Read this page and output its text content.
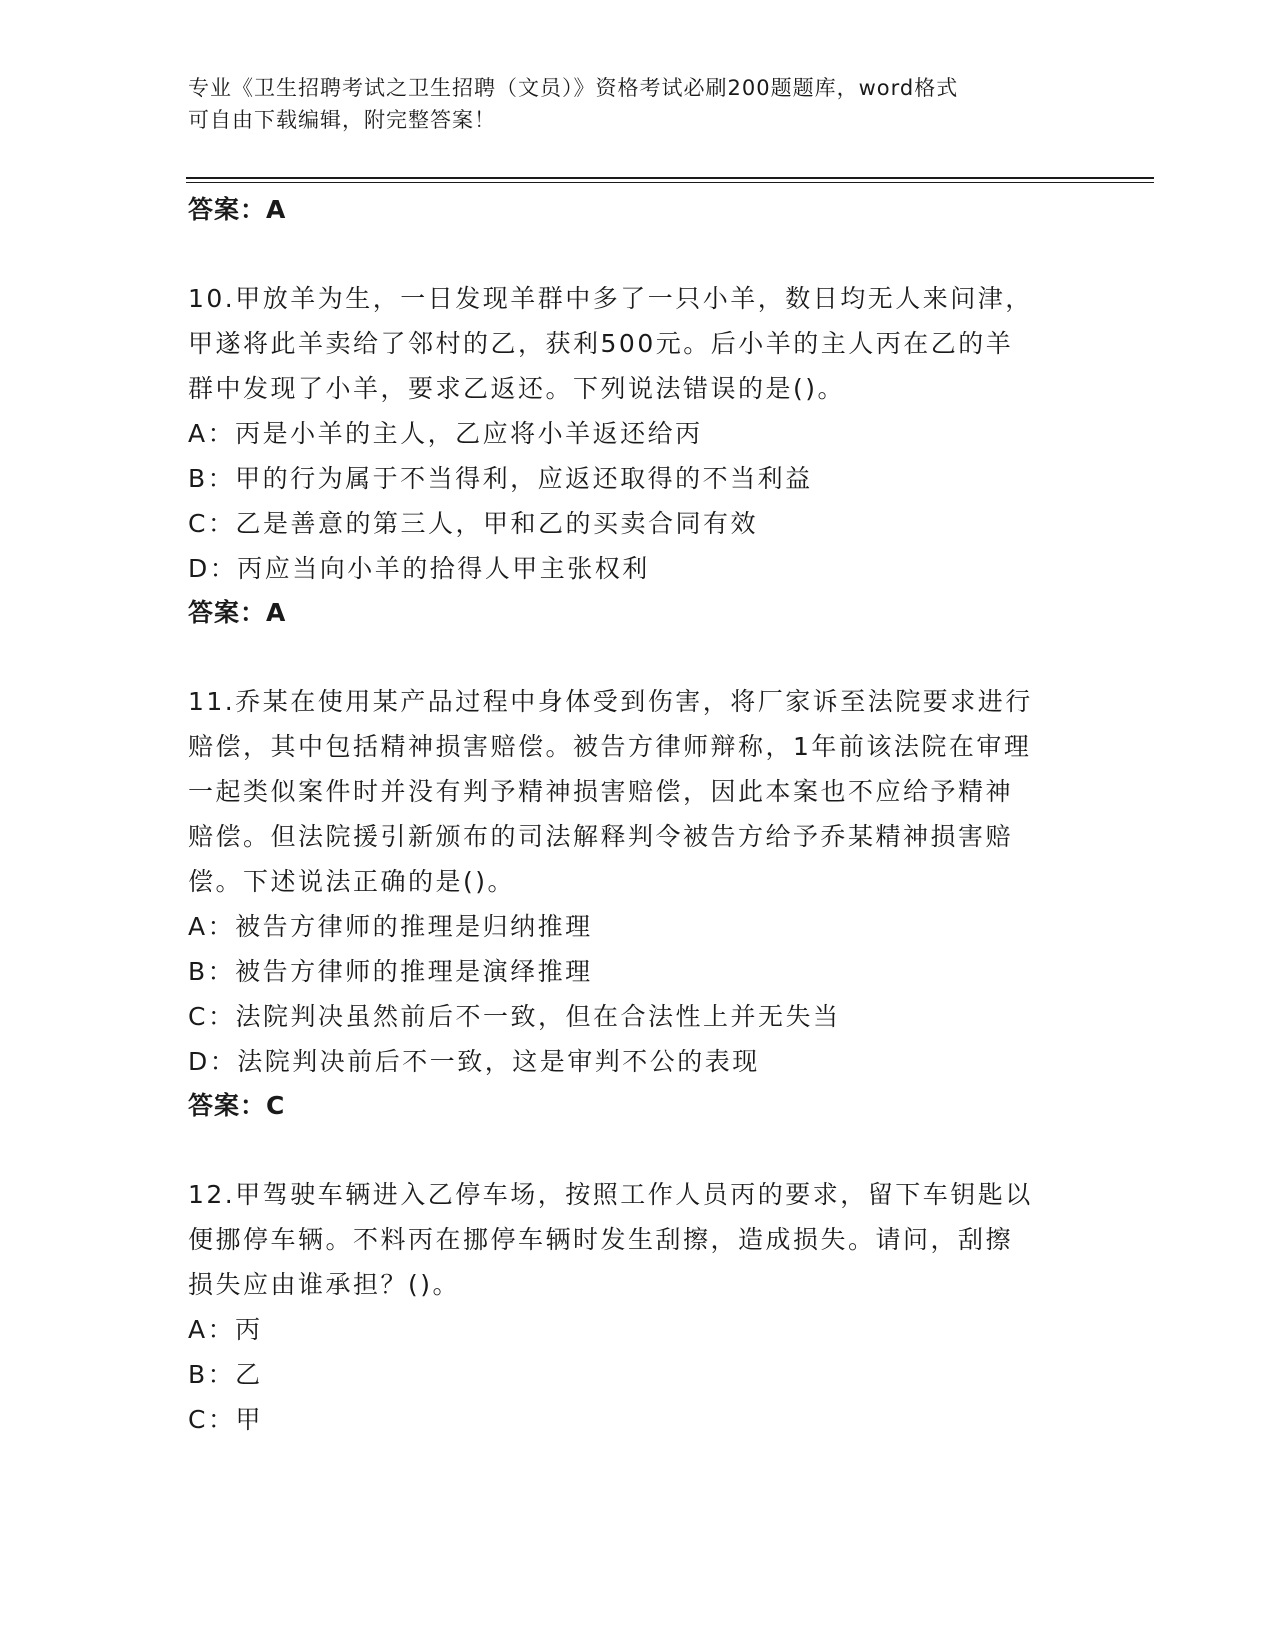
专业《卫生招聘考试之卫生招聘（文员）》资格考试必刷200题题库，word格式
可自由下载编辑，附完整答案！
答案：A

10.甲放羊为生，一日发现羊群中多了一只小羊，数日均无人来问津，

甲遂将此羊卖给了邻村的乙，获利500元。后小羊的主人丙在乙的羊

群中发现了小羊，要求乙返还。下列说法错误的是()。

A：丙是小羊的主人，乙应将小羊返还给丙
B：甲的行为属于不当得利，应返还取得的不当利益
C：乙是善意的第三人，甲和乙的买卖合同有效
D：丙应当向小羊的拾得人甲主张权利
答案：A

11.乔某在使用某产品过程中身体受到伤害，将厂家诉至法院要求进行

赔偿，其中包括精神损害赔偿。被告方律师辩称，1年前该法院在审理

一起类似案件时并没有判予精神损害赔偿，因此本案也不应给予精神

赔偿。但法院援引新颁布的司法解释判令被告方给予乔某精神损害赔

偿。下述说法正确的是()。

A：被告方律师的推理是归纳推理
B：被告方律师的推理是演绎推理
C：法院判决虽然前后不一致，但在合法性上并无失当
D：法院判决前后不一致，这是审判不公的表现
答案：C

12.甲驾驶车辆进入乙停车场，按照工作人员丙的要求，留下车钥匙以

便挪停车辆。不料丙在挪停车辆时发生刮擦，造成损失。请问，刮擦

损失应由谁承担？()。

A：丙
B：乙
C：甲
